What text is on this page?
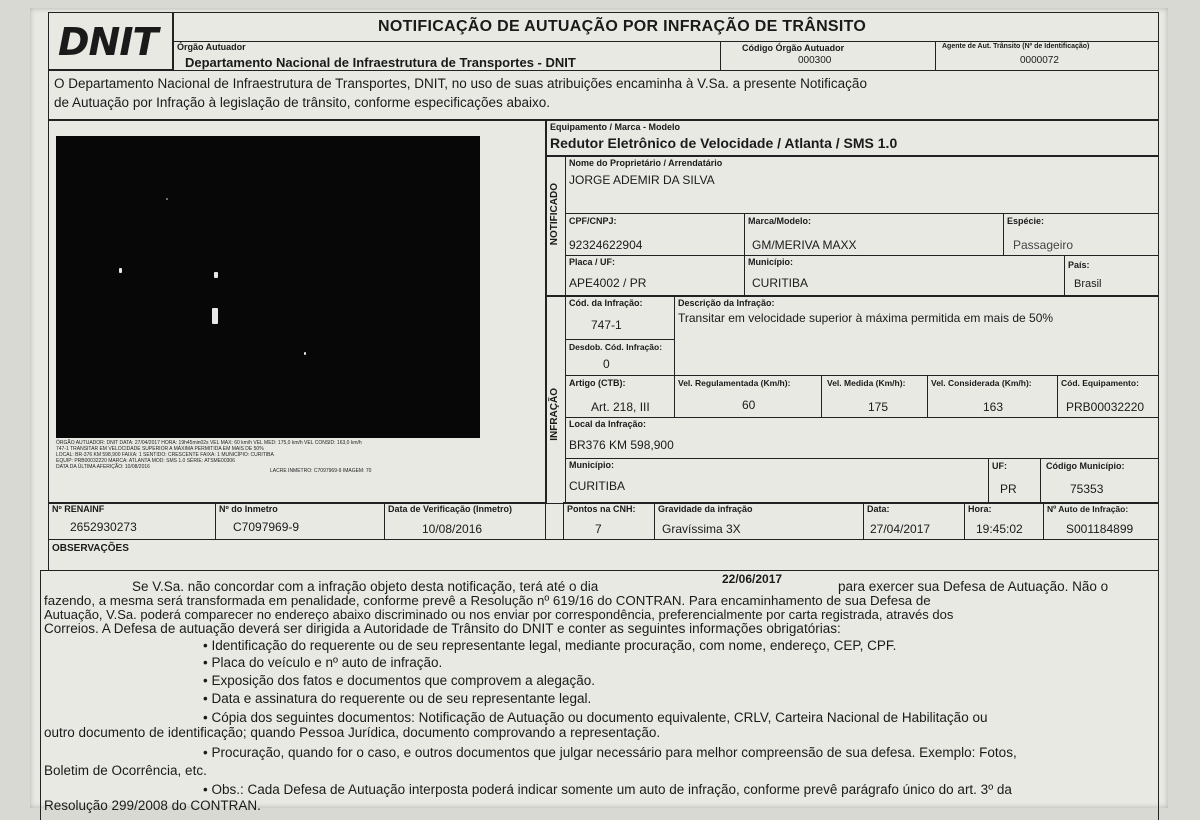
DNIT	NOTIFICAÇÃO DE AUTUAÇÃO POR INFRAÇÃO DE TRÂNSITO
Órgão Autuador
Departamento Nacional de Infraestrutura de Transportes - DNIT
Código Órgão Autuador
000300
Agente de Aut. Trânsito (Nº de Identificação)
0000072
O Departamento Nacional de Infraestrutura de Transportes, DNIT, no uso de suas atribuições encaminha à V.Sa. a presente Notificação
de Autuação por Infração à legislação de trânsito, conforme especificações abaixo.
ÓRGÃO AUTUADOR: DNIT DATA: 27/04/2017 HORA: 19h45min02s VEL MAX: 60 km/h VEL MED: 175,0 km/h VEL CONSID: 163,0 km/h
747-1 TRANSITAR EM VELOCIDADE SUPERIOR A MÁXIMA PERMITIDA EM MAIS DE 50%
LOCAL: BR-376 KM 598,900 FAIXA: 1 SENTIDO: CRESCENTE FAIXA: 1 MUNICÍPIO: CURITIBA
EQUIP: PRB00032220 MARCA: ATLANTA MOD: SMS 1.0 SÉRIE: ATSME00306
DATA DA ÚLTIMA AFERIÇÃO: 10/08/2016
LACRE INMETRO: C7097969-9 IMAGEM: 70
Equipamento / Marca - Modelo
Redutor Eletrônico de Velocidade / Atlanta / SMS 1.0
NOTIFICADO
Nome do Proprietário / Arrendatário
JORGE ADEMIR DA SILVA
CPF/CNPJ:
92324622904
Marca/Modelo:
GM/MERIVA MAXX
Espécie:
Passageiro
Placa / UF:
APE4002 / PR
Município:
CURITIBA
País:
Brasil
INFRAÇÃO
Cód. da Infração:
747-1
Descrição da Infração:
Transitar em velocidade superior à máxima permitida em mais de 50%
Desdob. Cód. Infração:
0
Artigo (CTB):
Art. 218, III
Vel. Regulamentada (Km/h):
60
Vel. Medida (Km/h):
175
Vel. Considerada (Km/h):
163
Cód. Equipamento:
PRB00032220
Local da Infração:
BR376 KM 598,900
Município:
CURITIBA
UF:
PR
Código Município:
75353
Nº RENAINF
2652930273
Nº do Inmetro
C7097969-9
Data de Verificação (Inmetro)
10/08/2016
Pontos na CNH:
7
Gravidade da infração
Gravíssima 3X
Data:
27/04/2017
Hora:
19:45:02
Nº Auto de Infração:
S001184899
OBSERVAÇÕES
Se V.Sa. não concordar com a infração objeto desta notificação, terá até o dia	22/06/2017	para exercer sua Defesa de Autuação. Não o
fazendo, a mesma será transformada em penalidade, conforme prevê a Resolução nº 619/16 do CONTRAN. Para encaminhamento de sua Defesa de
Autuação, V.Sa. poderá comparecer no endereço abaixo discriminado ou nos enviar por correspondência, preferencialmente por carta registrada, através dos
Correios. A Defesa de autuação deverá ser dirigida a Autoridade de Trânsito do DNIT e conter as seguintes informações obrigatórias:
• Identificação do requerente ou de seu representante legal, mediante procuração, com nome, endereço, CEP, CPF.
• Placa do veículo e nº auto de infração.
• Exposição dos fatos e documentos que comprovem a alegação.
• Data e assinatura do requerente ou de seu representante legal.
• Cópia dos seguintes documentos: Notificação de Autuação ou documento equivalente, CRLV, Carteira Nacional de Habilitação ou
outro documento de identificação; quando Pessoa Jurídica, documento comprovando a representação.
• Procuração, quando for o caso, e outros documentos que julgar necessário para melhor compreensão de sua defesa. Exemplo: Fotos,
Boletim de Ocorrência, etc.
• Obs.: Cada Defesa de Autuação interposta poderá indicar somente um auto de infração, conforme prevê parágrafo único do art. 3º da
Resolução 299/2008 do CONTRAN.
